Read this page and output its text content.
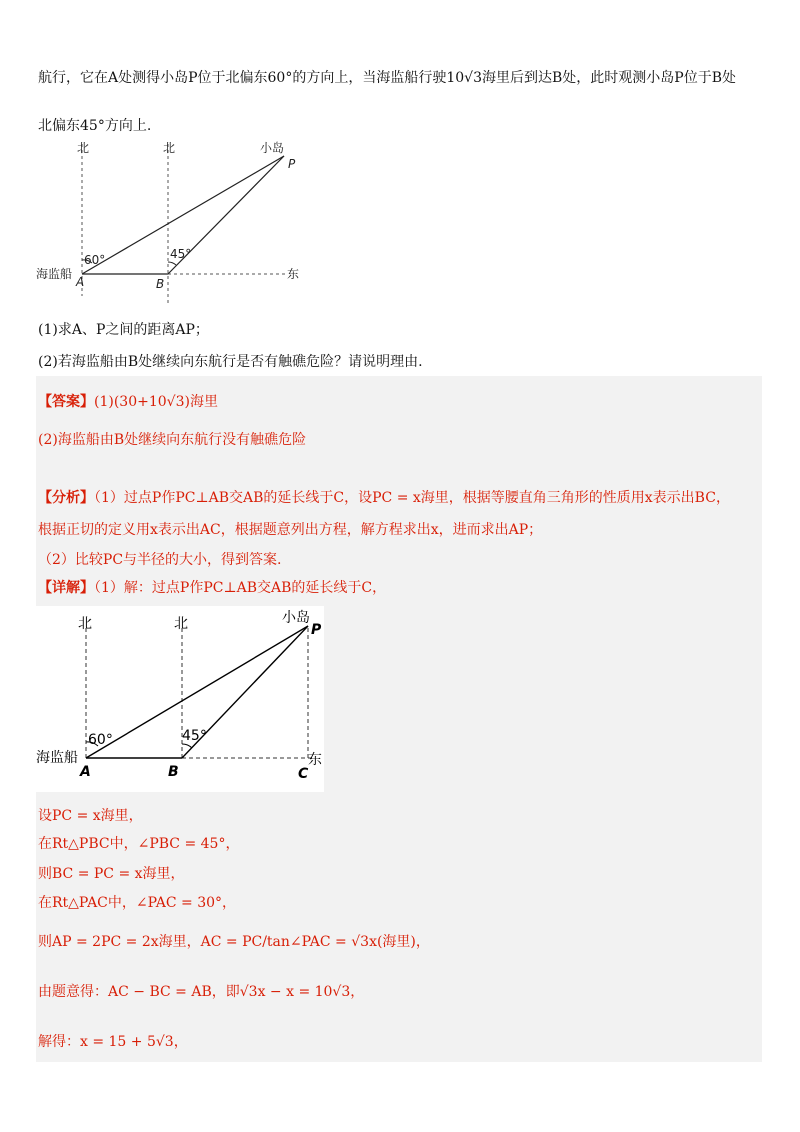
航行，它在A处测得小岛P位于北偏东60°的方向上，当海监船行驶10√3海里后到达B处，此时观测小岛P位于B处
北偏东45°方向上.
北	北	小岛
P
海监船
A	B
东
60°	45°
(1)求A、P之间的距离AP；
(2)若海监船由B处继续向东航行是否有触礁危险？请说明理由.
【答案】(1)(30+10√3)海里
(2)海监船由B处继续向东航行没有触礁危险
【分析】（1）过点P作PC⊥AB交AB的延长线于C，设PC = x海里，根据等腰直角三角形的性质用x表示出BC，
根据正切的定义用x表示出AC，根据题意列出方程，解方程求出x，进而求出AP；
（2）比较PC与半径的大小，得到答案.
【详解】（1）解：过点P作PC⊥AB交AB的延长线于C，
北	北	小岛
P
海监船
A	B	C
东
60°	45°
设PC = x海里，
在Rt△PBC中，∠PBC = 45°，
则BC = PC = x海里，
在Rt△PAC中，∠PAC = 30°，
则AP = 2PC = 2x海里，AC = PC/tan∠PAC = √3x(海里)，
由题意得：AC − BC = AB，即√3x − x = 10√3，
解得：x = 15 + 5√3，
